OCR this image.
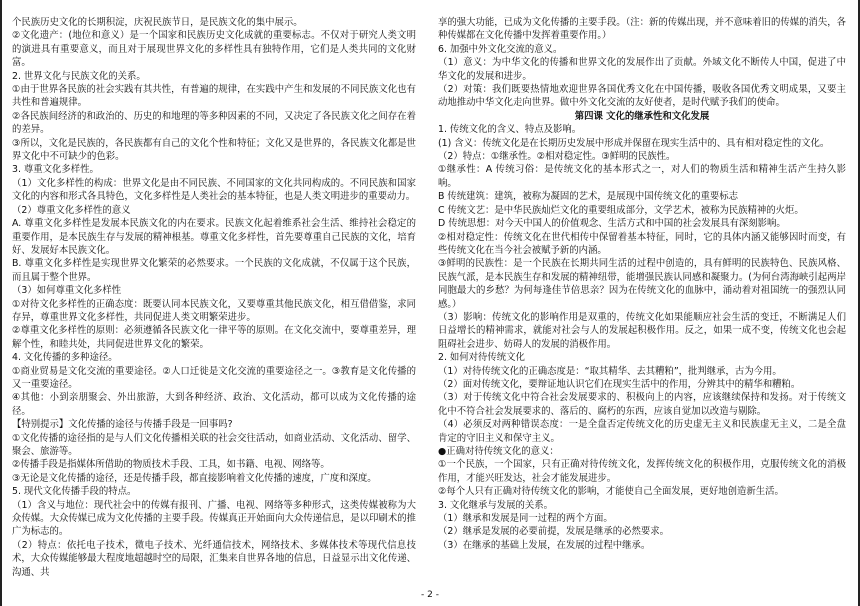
个民族历史文化的长期积淀，庆祝民族节日，是民族文化的集中展示。

②文化遗产：(地位和意义）是一个国家和民族历史文化成就的重要标志。不仅对于研究人类文明的演进具有重要意义，而且对于展现世界文化的多样性具有独特作用，它们是人类共同的文化财富。

2. 世界文化与民族文化的关系。

①由于世界各民族的社会实践有其共性，有普遍的规律，在实践中产生和发展的不同民族文化也有共性和普遍规律。

②各民族间经济的和政治的、历史的和地理的等多种因素的不同，又决定了各民族文化之间存在着的差异。

③所以，文化是民族的，各民族都有自己的文化个性和特征；文化又是世界的，各民族文化都是世界文化中不可缺少的色彩。

3. 尊重文化多样性。

（1）文化多样性的构成：世界文化是由不同民族、不同国家的文化共同构成的。不同民族和国家文化的内容和形式各具特色，文化多样性是人类社会的基本特征，也是人类文明进步的重要动力。

（2）尊重文化多样性的意义

A. 尊重文化多样性是发展本民族文化的内在要求。民族文化起着维系社会生活、维持社会稳定的重要作用，是本民族生存与发展的精神根基。尊重文化多样性，首先要尊重自己民族的文化，培育好、发展好本民族文化。

B. 尊重文化多样性是实现世界文化繁荣的必然要求。一个民族的文化成就，不仅属于这个民族，而且属于整个世界。

（3）如何尊重文化多样性

①对待文化多样性的正确态度：既要认同本民族文化，又要尊重其他民族文化，相互借借鉴，求同存异，尊重世界文化多样性，共同促进人类文明繁荣进步。

②尊重文化多样性的原则：必须遵循各民族文化一律平等的原则。在文化交流中，要尊重差异，理解个性，和睦共处，共同促进世界文化的繁荣。

4. 文化传播的多种途径。

①商业贸易是文化交流的重要途径。②人口迁徙是文化交流的重要途径之一。③教育是文化传播的又一重要途径。

④其他：小到亲朋聚会、外出旅游，大到各种经济、政治、文化活动，都可以成为文化传播的途径。

【特别提示】文化传播的途径与传播手段是一回事吗?

①文化传播的途径指的是与人们文化传播相关联的社会交往活动，如商业活动、文化活动、留学、聚会、旅游等。

②传播手段是指媒体所借助的物质技术手段、工具，如书籍、电视、网络等。

③无论是文化传播的途径，还是传播手段，都直接影响着文化传播的速度，广度和深度。

5. 现代文化传播手段的特点。

（1）含义与地位：现代社会中的传媒有报刊、广播、电视、网络等多种形式，这类传媒被称为大众传媒。大众传媒已成为文化传播的主要手段。传媒真正开始面向大众传递信息，是以印刷术的推广为标志的。

（2）特点：依托电子技术，微电子技术、光纤通信技术，网络技术、多媒体技术等现代信息技术，大众传媒能够最大程度地超越时空的局限，汇集来自世界各地的信息，日益显示出文化传递、沟通、共

享的强大功能，已成为文化传播的主要手段。（注：新的传媒出现，并不意味着旧的传媒的消失，各种传媒都在文化传播中发挥着重要作用。）

6. 加强中外文化交流的意义。

（1）意义：为中华文化的传播和世界文化的发展作出了贡献。外域文化不断传人中国，促进了中华文化的发展和进步。

（2）对策：我们既要热情地欢迎世界各国优秀文化在中国传播，吸收各国优秀文明成果，又要主动地推动中华文化走向世界。做中外文化交流的友好使者，是时代赋予我们的使命。

第四课 文化的继承性和文化发展

1. 传统文化的含义、特点及影响。

(1) 含义：传统文化是在长期历史发展中形成并保留在现实生活中的、具有相对稳定性的文化。

（2）特点：①继承性。②相对稳定性。③鲜明的民族性。

①继承性：A 传统习俗：是传统文化的基本形式之一，对人们的物质生活和精神生活产生持久影响。

B 传统建筑：建筑，被称为凝固的艺术，是展现中国传统文化的重要标志

C 传统文艺：是中华民族灿烂文化的重要组成部分，文学艺术，被称为民族精神的火炬。

D 传统思想：对今天中国人的价值观念、生活方式和中国的社会发展具有深刻影响。

②相对稳定性：传统文化在世代相传中保留着基本特征，同时，它的具体内涵又能够因时而变，有些传统文化在当今社会被赋予新的内涵。

③鲜明的民族性：是一个民族在长期共同生活的过程中创造的，具有鲜明的民族特色、民族风格、民族气派，是本民族生存和发展的精神纽带，能增强民族认同感和凝聚力。(为何台湾海峡引起两岸同胞最大的乡愁？为何每逢佳节倍思亲？因为在传统文化的血脉中，涌动着对祖国统一的强烈认同感。）

（3）影响：传统文化的影响作用是双重的，传统文化如果能顺应社会生活的变迁，不断满足人们日益增长的精神需求，就能对社会与人的发展起积极作用。反之，如果一成不变，传统文化也会起阻碍社会进步、妨碍人的发展的消极作用。

2. 如何对待传统文化

（1）对待传统文化的正确态度是：“取其精华、去其糟粕”，批判继承，古为今用。

（2）面对传统文化，要辩证地认识它们在现实生活中的作用，分辨其中的精华和糟粕。

（3）对于传统文化中符合社会发展要求的、积极向上的内容，应该继续保持和发扬。对于传统文化中不符合社会发展要求的、落后的、腐朽的东西，应该自觉加以改造与剔除。

（4）必须反对两种错误态度：一是全盘否定传统文化的历史虚无主义和民族虚无主义，二是全盘肯定的守旧主义和保守主义。

● 正确对待传统文化的意义：

①一个民族，一个国家，只有正确对待传统文化，发挥传统文化的积极作用，克服传统文化的消极作用，才能兴旺发达，社会才能发展进步。

②每个人只有正确对待传统文化的影响，才能使自己全面发展，更好地创造新生活。

3. 文化继承与发展的关系。

（1）继承和发展是同一过程的两个方面。

（2）继承是发展的必要前提，发展是继承的必然要求。

（3）在继承的基础上发展，在发展的过程中继承。

- 2 -
